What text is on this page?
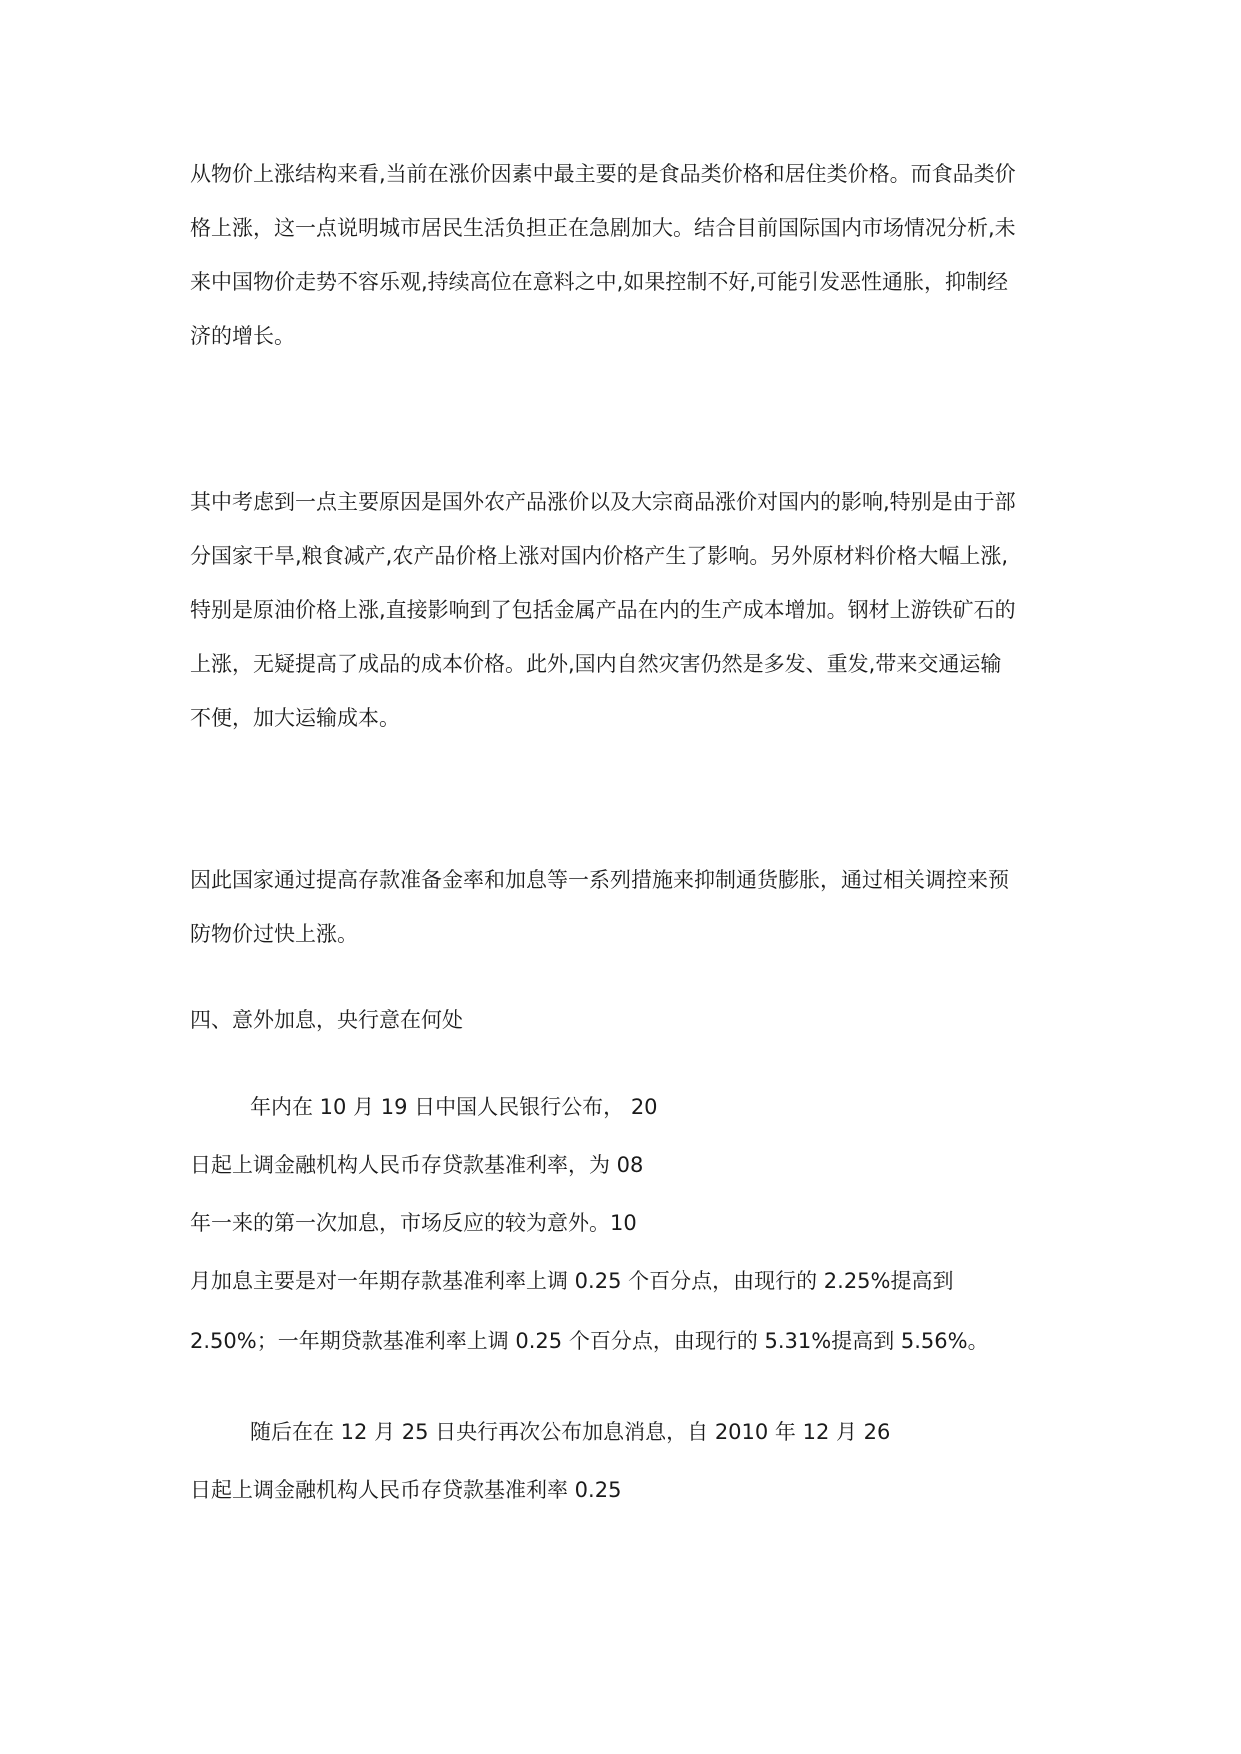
从物价上涨结构来看,当前在涨价因素中最主要的是食品类价格和居住类价格。而食品类价

格上涨，这一点说明城市居民生活负担正在急剧加大。结合目前国际国内市场情况分析,未

来中国物价走势不容乐观,持续高位在意料之中,如果控制不好,可能引发恶性通胀，抑制经

济的增长。

其中考虑到一点主要原因是国外农产品涨价以及大宗商品涨价对国内的影响,特别是由于部

分国家干旱,粮食减产,农产品价格上涨对国内价格产生了影响。另外原材料价格大幅上涨,

特别是原油价格上涨,直接影响到了包括金属产品在内的生产成本增加。钢材上游铁矿石的

上涨，无疑提高了成品的成本价格。此外,国内自然灾害仍然是多发、重发,带来交通运输

不便，加大运输成本。

因此国家通过提高存款准备金率和加息等一系列措施来抑制通货膨胀，通过相关调控来预

防物价过快上涨。

四、意外加息，央行意在何处

年内在 10 月 19 日中国人民银行公布， 20

日起上调金融机构人民币存贷款基准利率，为 08

年一来的第一次加息，市场反应的较为意外。10

月加息主要是对一年期存款基准利率上调 0.25 个百分点，由现行的 2.25%提高到

2.50%；一年期贷款基准利率上调 0.25 个百分点，由现行的 5.31%提高到 5.56%。

随后在在 12 月 25 日央行再次公布加息消息，自 2010 年 12 月 26

日起上调金融机构人民币存贷款基准利率 0.25
